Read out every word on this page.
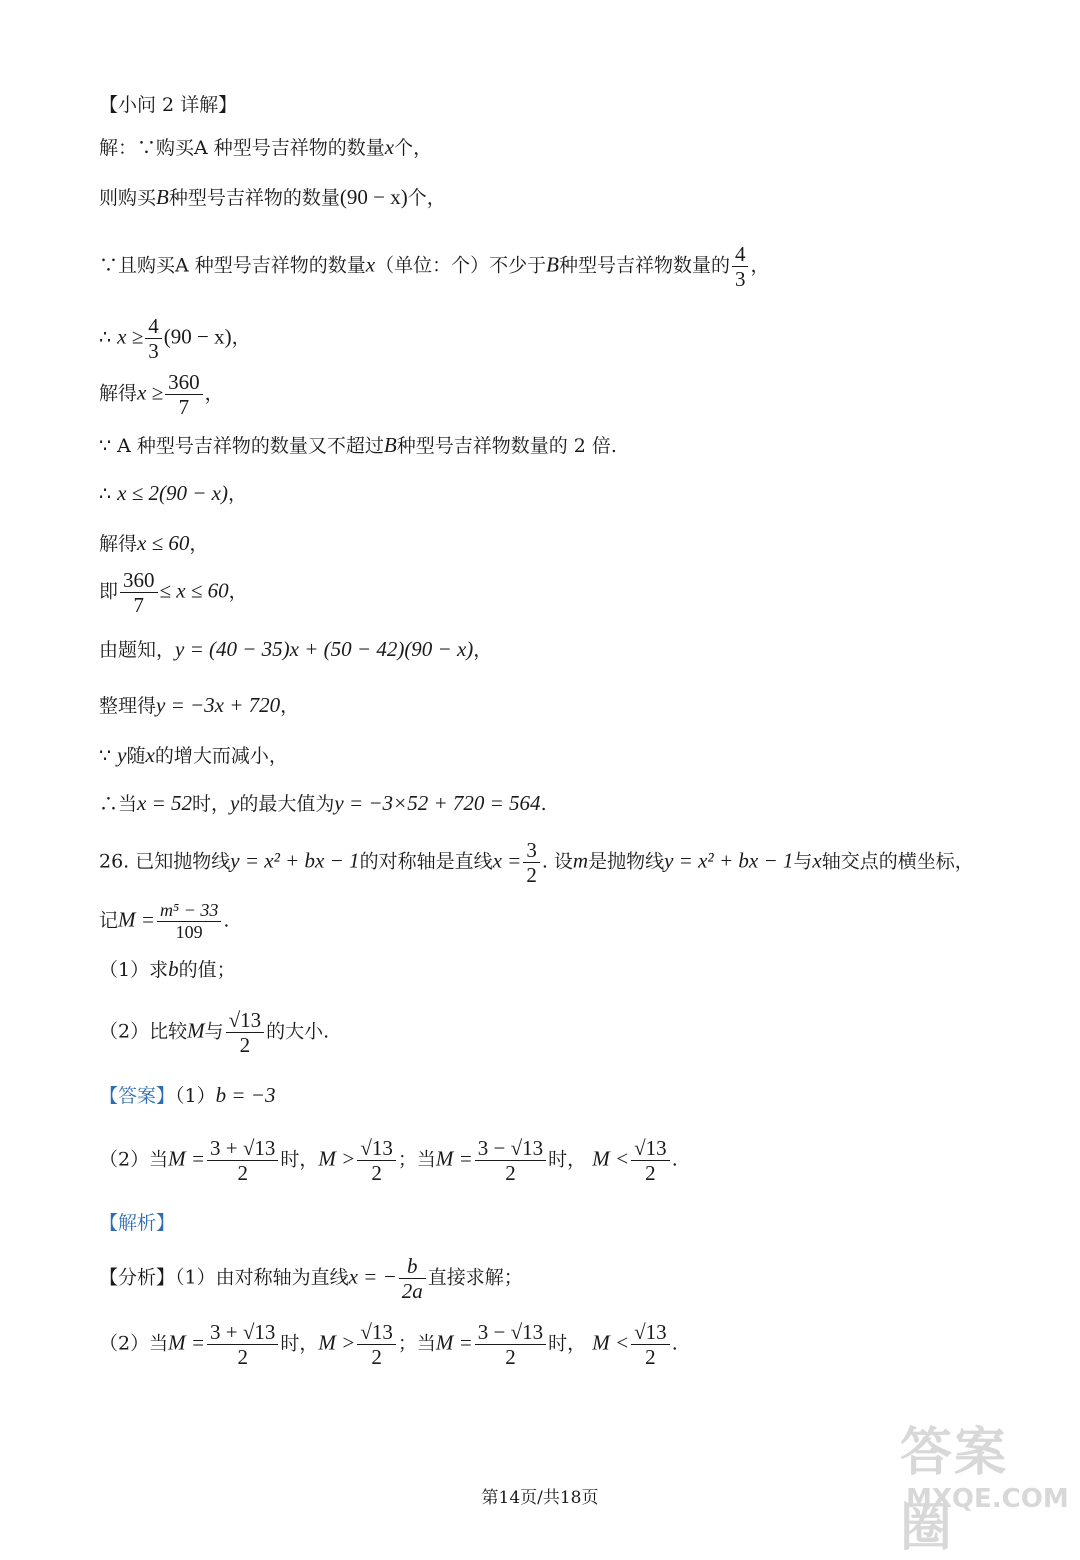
【小问 2 详解】
解：∵购买A 种型号吉祥物的数量x个，
则购买B种型号吉祥物的数量(90 − x)个，
∵且购买A 种型号吉祥物的数量x（单位：个）不少于B种型号吉祥物数量的 $\frac{4}{3}$ ，
∴ $x \ge \frac{4}{3} (90 - x)$，
解得$x \ge \frac{360}{7}$ ，
∵ A 种型号吉祥物的数量又不超过B种型号吉祥物数量的 2 倍.
∴ x ≤ 2(90 − x)，
解得x ≤ 60，
即 $\frac{360}{7} \le x \le 60$，
由题知，y = (40 − 35)x + (50 − 42)(90 − x)，
整理得y = −3x + 720，
∵ y随x的增大而减小，
∴当x = 52时，y的最大值为y = −3×52 + 720 = 564.
26. 已知抛物线y = x² + bx − 1的对称轴是直线$x = \frac{3}{2}$ . 设m是抛物线y = x² + bx − 1与x轴交点的横坐标，
记$M = \frac{\text{m⁵ − 33}}{109}$ .
（1）求b的值；
（2）比较M与 $\frac{√13}{2}$ 的大小.
【答案】（1）b = −3
（2）当$M = \frac{3 + √13}{2}$ 时，$M > \frac{√13}{2}$ ；当$M = \frac{3 - √13}{2}$ 时， $M < \frac{√13}{2}$ .
【解析】
【分析】（1）由对称轴为直线x = − $\frac{b}{2a}$ 直接求解；
（2）当$M = \frac{3 + √13}{2}$ 时，$M > \frac{√13}{2}$ ；当$M = \frac{3 - √13}{2}$ 时， $M < \frac{√13}{2}$ .
第14页/共18页
答案圈
MXQE.COM
